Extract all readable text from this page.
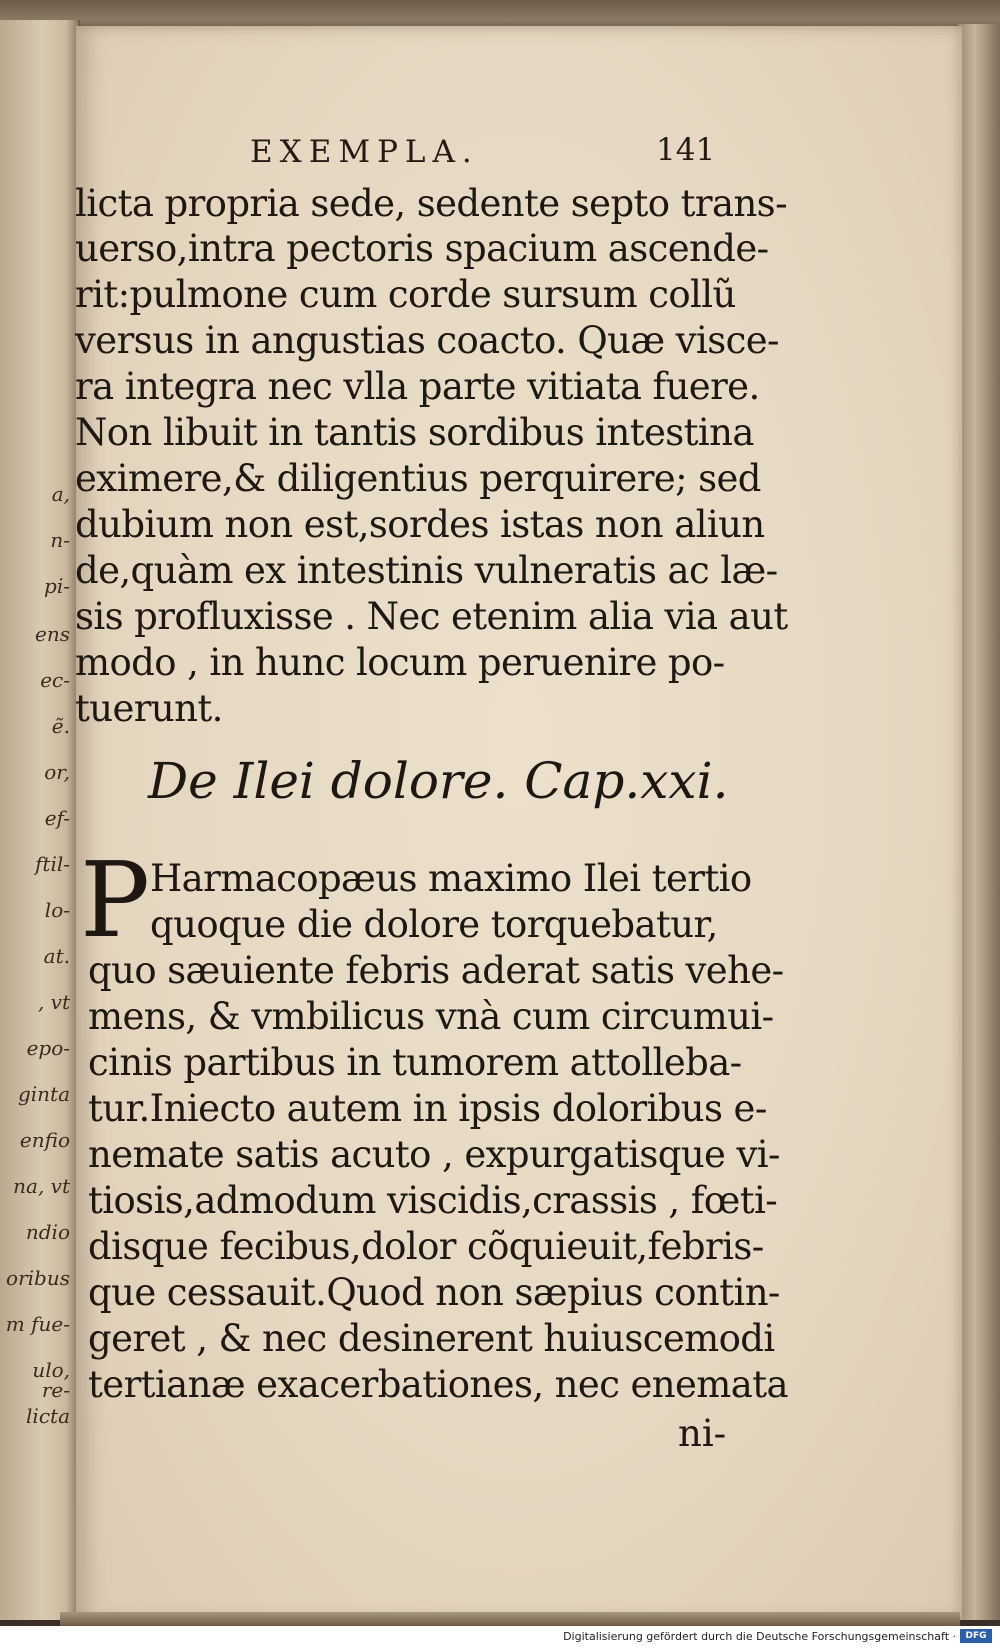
a,
n-
pi-
ens
ec-
ẽ.
or,
ef-
ftil-
lo-
at.
, vt
epo-
ginta
enfio
na, vt
ndio
oribus
m fue-
ulo, re-
licta
EXEMPLA.	141
licta propria sede, sedente septo trans-
uerso,intra pectoris spacium ascende-
rit:pulmone cum corde sursum collũ
versus in angustias coacto. Quæ visce-
ra integra nec vlla parte vitiata fuere.
Non libuit in tantis sordibus intestina
eximere,& diligentius perquirere; sed
dubium non est,sordes istas non aliun
de,quàm ex intestinis vulneratis ac læ-
sis profluxisse . Nec etenim alia via aut
modo , in hunc locum peruenire po-
tuerunt.
De Ilei dolore. Cap.xxi.
P Harmacopæus maximo Ilei tertio
quoque die dolore torquebatur,
quo sæuiente febris aderat satis vehe-
mens, & vmbilicus vnà cum circumui-
cinis partibus in tumorem attolleba-
tur.Iniecto autem in ipsis doloribus e-
nemate satis acuto , expurgatisque vi-
tiosis,admodum viscidis,crassis , fœti-
disque fecibus,dolor cõquieuit,febris-
que cessauit.Quod non sæpius contin-
geret , & nec desinerent huiuscemodi
tertianæ exacerbationes, nec enemata
ni-
Digitalisierung gefördert durch die Deutsche Forschungsgemeinschaft ·	DFG
